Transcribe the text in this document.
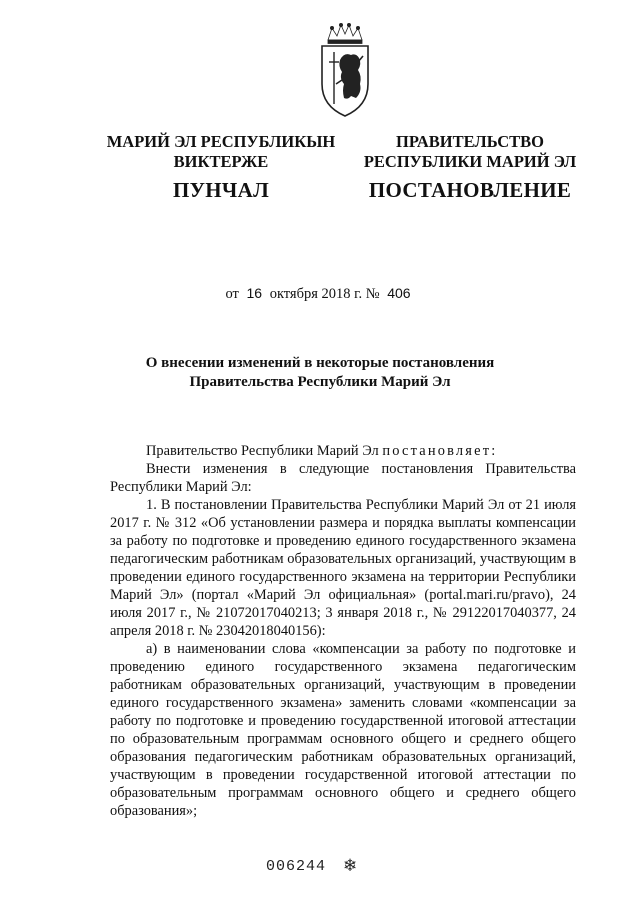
МАРИЙ ЭЛ РЕСПУБЛИКЫН
ВИКТЕРЖЕ
ПУНЧАЛ
ПРАВИТЕЛЬСТВО
РЕСПУБЛИКИ МАРИЙ ЭЛ
ПОСТАНОВЛЕНИЕ
от 16 октября 2018 г. № 406
О внесении изменений в некоторые постановления
Правительства Республики Марий Эл

Правительство Республики Марий Эл постановляет:

Внести изменения в следующие постановления Правительства Республики Марий Эл:

1. В постановлении Правительства Республики Марий Эл от 21 июля 2017 г. № 312 «Об установлении размера и порядка выплаты компенсации за работу по подготовке и проведению единого государственного экзамена педагогическим работникам образовательных организаций, участвующим в проведении единого государственного экзамена на территории Республики Марий Эл» (портал «Марий Эл официальная» (portal.mari.ru/pravo), 24 июля 2017 г., № 21072017040213; 3 января 2018 г., № 29122017040377, 24 апреля 2018 г. № 23042018040156):

а) в наименовании слова «компенсации за работу по подготовке и проведению единого государственного экзамена педагогическим работникам образовательных организаций, участвующим в проведении единого государственного экзамена» заменить словами «компенсации за работу по подготовке и проведению государственной итоговой аттестации по образовательным программам основного общего и среднего общего образования педагогическим работникам образовательных организаций, участвующим в проведении государственной итоговой аттестации по образовательным программам основного общего и среднего общего образования»;

006244 ❄
